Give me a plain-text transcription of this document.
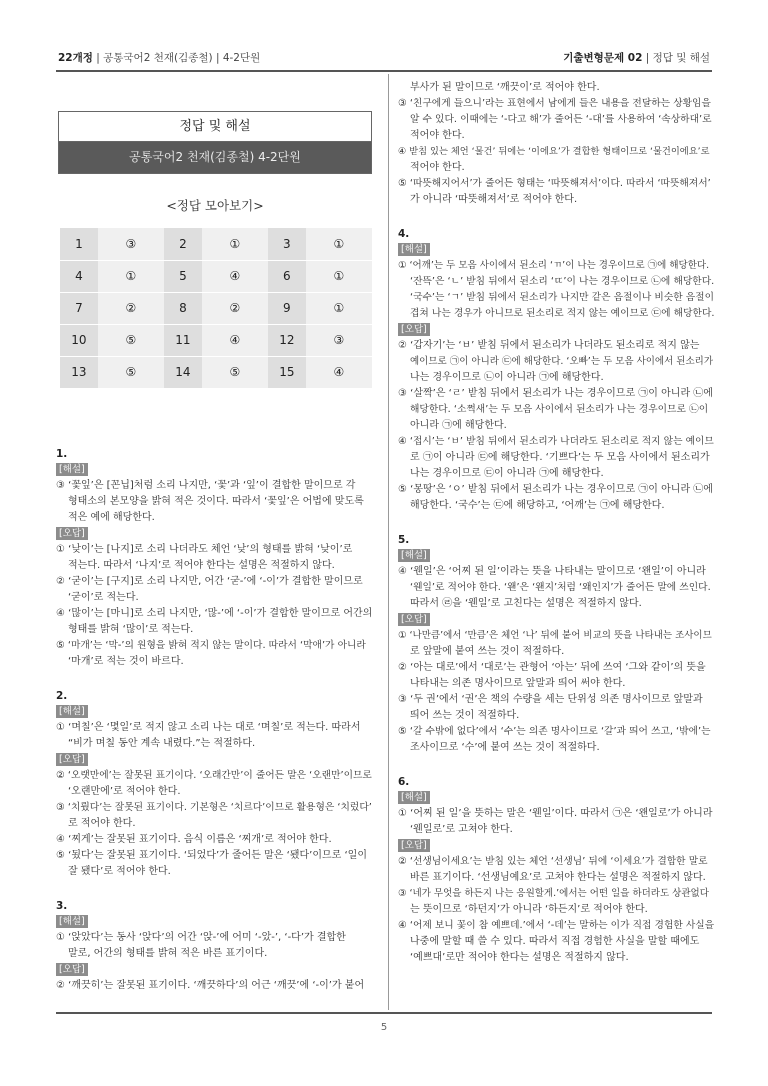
22개정 | 공통국어2 천재(김종철) | 4-2단원	기출변형문제 02 | 정답 및 해설
정답 및 해설
공통국어2 천재(김종철) 4-2단원
<정답 모아보기>
1	③	2	①	3	①
4	①	5	④	6	①
7	②	8	②	9	①
10	⑤	11	④	12	③
13	⑤	14	⑤	15	④
1.
[해설]
③ ‘꽃잎’은 [꼰닙]처럼 소리 나지만, ‘꽃’과 ‘잎’이 결합한 말이므로 각
형태소의 본모양을 밝혀 적은 것이다. 따라서 ‘꽃잎’은 어법에 맞도록
적은 예에 해당한다.
[오답]
① ‘낮이’는 [나지]로 소리 나더라도 체언 ‘낮’의 형태를 밝혀 ‘낮이’로
적는다. 따라서 ‘나지’로 적어야 한다는 설명은 적절하지 않다.
② ‘굳이’는 [구지]로 소리 나지만, 어간 ‘굳-’에 ‘-이’가 결합한 말이므로
‘굳이’로 적는다.
④ ‘많이’는 [마니]로 소리 나지만, ‘많-’에 ‘-이’가 결합한 말이므로 어간의
형태를 밝혀 ‘많이’로 적는다.
⑤ ‘마개’는 ‘막-’의 원형을 밝혀 적지 않는 말이다. 따라서 ‘막애’가 아니라
‘마개’로 적는 것이 바르다.
2.
[해설]
① ‘며칠’은 ‘몇일’로 적지 않고 소리 나는 대로 ‘며칠’로 적는다. 따라서
“비가 며칠 동안 계속 내렸다.”는 적절하다.
[오답]
② ‘오랫만에’는 잘못된 표기이다. ‘오래간만’이 줄어든 말은 ‘오랜만’이므로
‘오랜만에’로 적어야 한다.
③ ‘치뤘다’는 잘못된 표기이다. 기본형은 ‘치르다’이므로 활용형은 ‘치렀다’
로 적어야 한다.
④ ‘찌게’는 잘못된 표기이다. 음식 이름은 ‘찌개’로 적어야 한다.
⑤ ‘됬다’는 잘못된 표기이다. ‘되었다’가 줄어든 말은 ‘됐다’이므로 ‘일이
잘 됐다’로 적어야 한다.
3.
[해설]
① ‘앉았다’는 동사 ‘앉다’의 어간 ‘앉-’에 어미 ‘-았-’, ‘-다’가 결합한
말로, 어간의 형태를 밝혀 적은 바른 표기이다.
[오답]
② ‘깨끗히’는 잘못된 표기이다. ‘깨끗하다’의 어근 ‘깨끗’에 ‘-이’가 붙어
부사가 된 말이므로 ‘깨끗이’로 적어야 한다.
③ ‘친구에게 들으니’라는 표현에서 남에게 들은 내용을 전달하는 상황임을
알 수 있다. 이때에는 ‘-다고 해’가 줄어든 ‘-대’를 사용하여 ‘속상하대’로
적어야 한다.
④ 받침 있는 체언 ‘물건’ 뒤에는 ‘이에요’가 결합한 형태이므로 ‘물건이에요’로
적어야 한다.
⑤ ‘따뜻해지어서’가 줄어든 형태는 ‘따뜻해져서’이다. 따라서 ‘따뜻해져서’
가 아니라 ‘따뜻해져서’로 적어야 한다.
4.
[해설]
① ‘어깨’는 두 모음 사이에서 된소리 ‘ㄲ’이 나는 경우이므로 ㉠에 해당한다.
‘잔뜩’은 ‘ㄴ’ 받침 뒤에서 된소리 ‘ㄸ’이 나는 경우이므로 ㉡에 해당한다.
‘국수’는 ‘ㄱ’ 받침 뒤에서 된소리가 나지만 같은 음절이나 비슷한 음절이
겹쳐 나는 경우가 아니므로 된소리로 적지 않는 예이므로 ㉢에 해당한다.
[오답]
② ‘갑자기’는 ‘ㅂ’ 받침 뒤에서 된소리가 나더라도 된소리로 적지 않는
예이므로 ㉠이 아니라 ㉢에 해당한다. ‘오빠’는 두 모음 사이에서 된소리가
나는 경우이므로 ㉡이 아니라 ㉠에 해당한다.
③ ‘살짝’은 ‘ㄹ’ 받침 뒤에서 된소리가 나는 경우이므로 ㉠이 아니라 ㉡에
해당한다. ‘소쩍새’는 두 모음 사이에서 된소리가 나는 경우이므로 ㉡이
아니라 ㉠에 해당한다.
④ ‘접시’는 ‘ㅂ’ 받침 뒤에서 된소리가 나더라도 된소리로 적지 않는 예이므
로 ㉠이 아니라 ㉢에 해당한다. ‘기쁘다’는 두 모음 사이에서 된소리가
나는 경우이므로 ㉢이 아니라 ㉠에 해당한다.
⑤ ‘몽땅’은 ‘ㅇ’ 받침 뒤에서 된소리가 나는 경우이므로 ㉠이 아니라 ㉡에
해당한다. ‘국수’는 ㉢에 해당하고, ‘어깨’는 ㉠에 해당한다.
5.
[해설]
④ ‘웬일’은 ‘어찌 된 일’이라는 뜻을 나타내는 말이므로 ‘왠일’이 아니라
‘웬일’로 적어야 한다. ‘왠’은 ‘왠지’처럼 ‘왜인지’가 줄어든 말에 쓰인다.
따라서 ㉣을 ‘웬일’로 고친다는 설명은 적절하지 않다.
[오답]
① ‘나만큼’에서 ‘만큼’은 체언 ‘나’ 뒤에 붙어 비교의 뜻을 나타내는 조사이므
로 앞말에 붙여 쓰는 것이 적절하다.
② ‘아는 대로’에서 ‘대로’는 관형어 ‘아는’ 뒤에 쓰여 ‘그와 같이’의 뜻을
나타내는 의존 명사이므로 앞말과 띄어 써야 한다.
③ ‘두 권’에서 ‘권’은 책의 수량을 세는 단위성 의존 명사이므로 앞말과
띄어 쓰는 것이 적절하다.
⑤ ‘갈 수밖에 없다’에서 ‘수’는 의존 명사이므로 ‘갈’과 띄어 쓰고, ‘밖에’는
조사이므로 ‘수’에 붙여 쓰는 것이 적절하다.
6.
[해설]
① ‘어찌 된 일’을 뜻하는 말은 ‘웬일’이다. 따라서 ㉠은 ‘왠일로’가 아니라
‘웬일로’로 고쳐야 한다.
[오답]
② ‘선생님이세요’는 받침 있는 체언 ‘선생님’ 뒤에 ‘이세요’가 결합한 말로
바른 표기이다. ‘선생님예요’로 고쳐야 한다는 설명은 적절하지 않다.
③ ‘네가 무엇을 하든지 나는 응원할게.’에서는 어떤 일을 하더라도 상관없다
는 뜻이므로 ‘하던지’가 아니라 ‘하든지’로 적어야 한다.
④ ‘어제 보니 꽃이 참 예쁘데.’에서 ‘-데’는 말하는 이가 직접 경험한 사실을
나중에 말할 때 쓸 수 있다. 따라서 직접 경험한 사실을 말할 때에도
‘예쁘대’로만 적어야 한다는 설명은 적절하지 않다.
5
